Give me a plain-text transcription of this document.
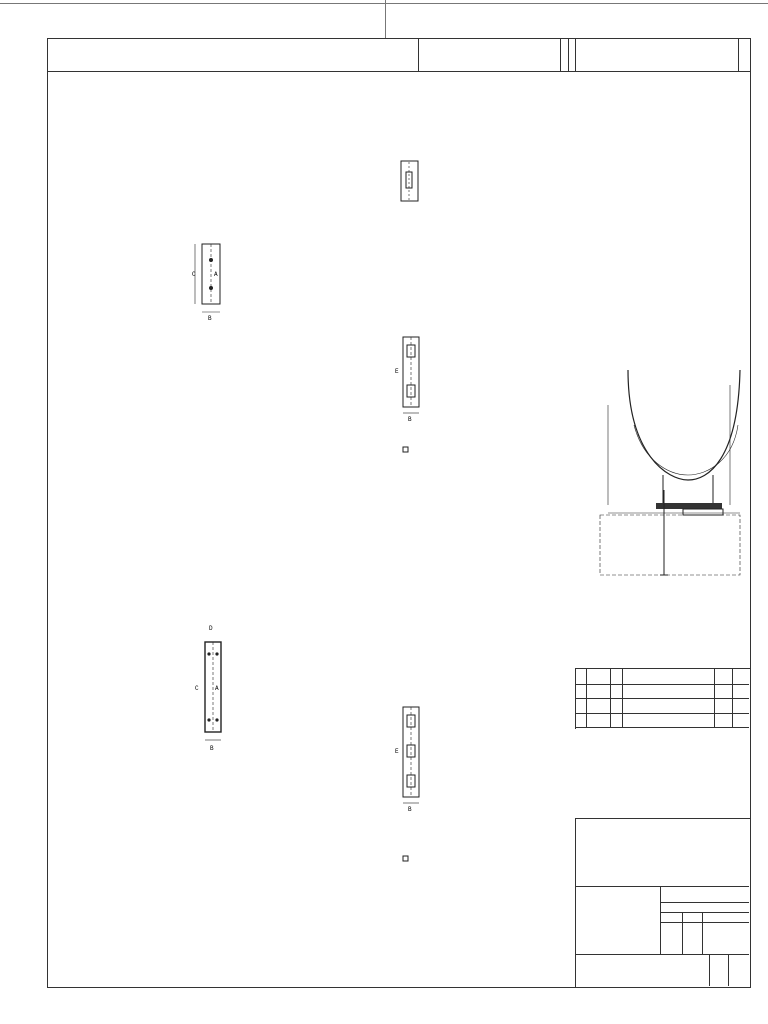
C	A
B
E
B
D
C	A
B	E
B
